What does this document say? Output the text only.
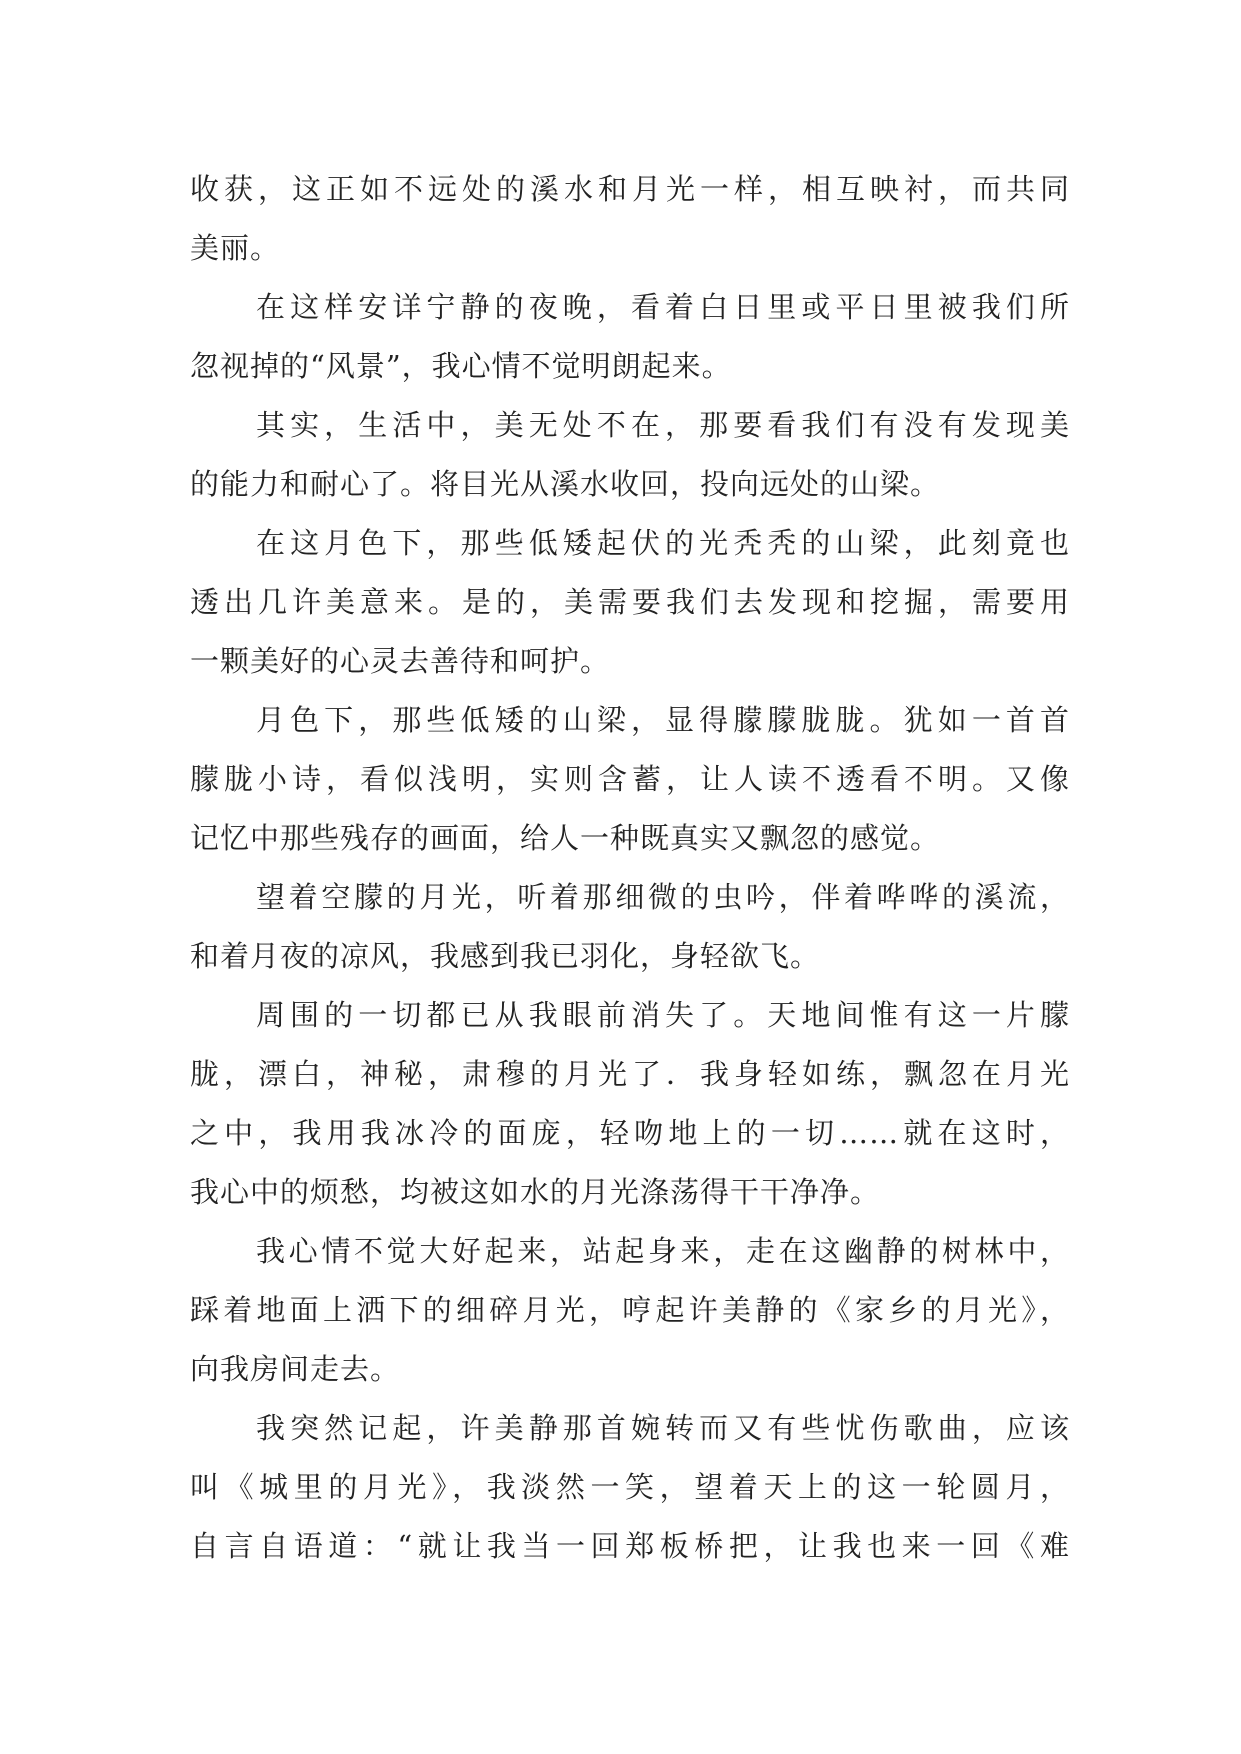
收获，这正如不远处的溪水和月光一样，相互映衬，而共同
美丽。
在这样安详宁静的夜晚，看着白日里或平日里被我们所
忽视掉的“风景”，我心情不觉明朗起来。
其实，生活中，美无处不在，那要看我们有没有发现美
的能力和耐心了。将目光从溪水收回，投向远处的山梁。
在这月色下，那些低矮起伏的光秃秃的山梁，此刻竟也
透出几许美意来。是的，美需要我们去发现和挖掘，需要用
一颗美好的心灵去善待和呵护。
月色下，那些低矮的山梁，显得朦朦胧胧。犹如一首首
朦胧小诗，看似浅明，实则含蓄，让人读不透看不明。又像
记忆中那些残存的画面，给人一种既真实又飘忽的感觉。
望着空朦的月光，听着那细微的虫吟，伴着哗哗的溪流，
和着月夜的凉风，我感到我已羽化，身轻欲飞。
周围的一切都已从我眼前消失了。天地间惟有这一片朦
胧，漂白，神秘，肃穆的月光了．我身轻如练，飘忽在月光
之中，我用我冰冷的面庞，轻吻地上的一切……就在这时，
我心中的烦愁，均被这如水的月光涤荡得干干净净。
我心情不觉大好起来，站起身来，走在这幽静的树林中，
踩着地面上洒下的细碎月光，哼起许美静的《家乡的月光》，
向我房间走去。
我突然记起，许美静那首婉转而又有些忧伤歌曲，应该
叫《城里的月光》，我淡然一笑，望着天上的这一轮圆月，
自言自语道：“就让我当一回郑板桥把，让我也来一回《难
